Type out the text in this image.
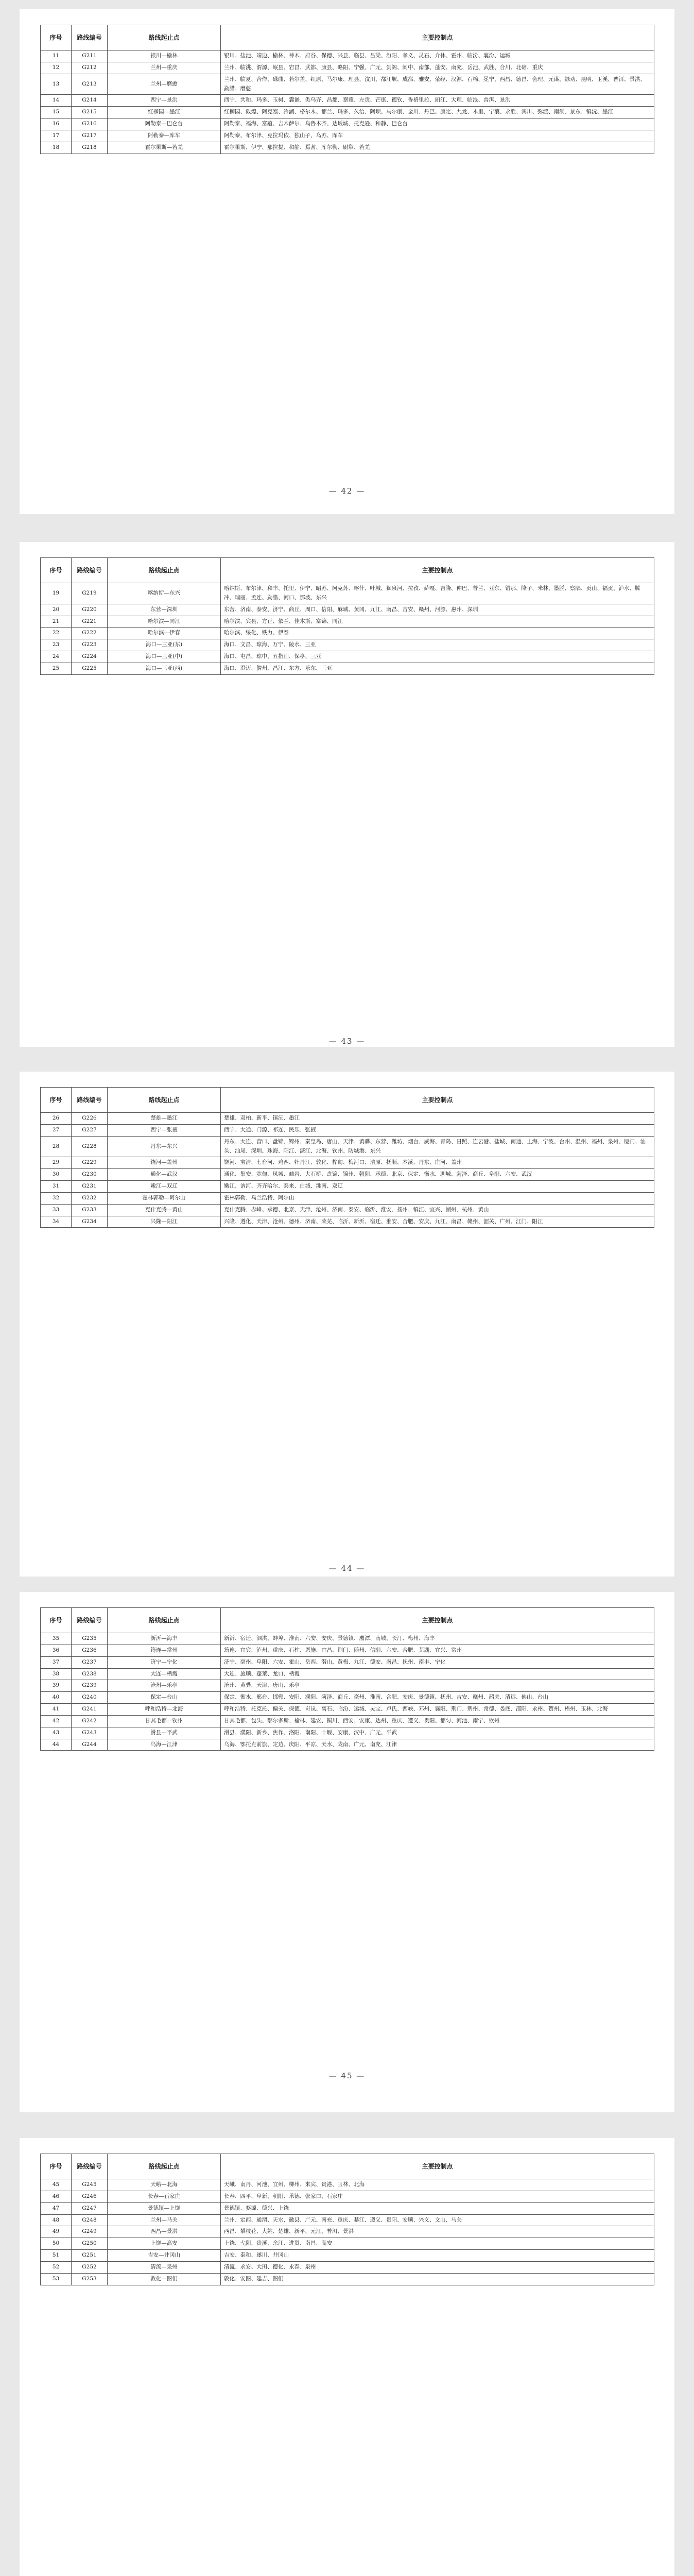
序号	路线编号	路线起止点	主要控制点
11	G211	银川—榆林	银川、盐池、靖边、榆林、神木、府谷、保德、兴县、临县、吕梁、汾阳、孝义、灵石、介休、霍州、临汾、襄汾、运城
12	G212	兰州—重庆	兰州、临洮、渭源、岷县、宕昌、武都、康县、略阳、宁强、广元、剑阁、阆中、南部、蓬安、南充、岳池、武胜、合川、北碚、重庆
13	G213	兰州—磨憨	兰州、临夏、合作、碌曲、若尔盖、红原、马尔康、理县、汶川、都江堰、成都、雅安、荥经、汉源、石棉、冕宁、西昌、德昌、会理、元谋、禄劝、昆明、玉溪、普洱、景洪、勐腊、磨憨
14	G214	西宁—景洪	西宁、共和、玛多、玉树、囊谦、类乌齐、昌都、察雅、左贡、芒康、德钦、香格里拉、丽江、大理、临沧、普洱、景洪
15	G215	红柳园—墨江	红柳园、敦煌、阿克塞、冷湖、格尔木、都兰、玛多、久治、阿坝、马尔康、金川、丹巴、康定、九龙、木里、宁蒗、永胜、宾川、弥渡、南涧、景东、镇沅、墨江
16	G216	阿勒泰—巴仑台	阿勒泰、福海、富蕴、吉木萨尔、乌鲁木齐、达坂城、托克逊、和静、巴仑台
17	G217	阿勒泰—库车	阿勒泰、布尔津、克拉玛依、独山子、乌苏、库车
18	G218	霍尔果斯—若羌	霍尔果斯、伊宁、那拉提、和静、焉耆、库尔勒、尉犁、若羌
— 42 —
序号	路线编号	路线起止点	主要控制点
19	G219	喀纳斯—东兴	喀纳斯、布尔津、和丰、托里、伊宁、昭苏、阿克苏、喀什、叶城、狮泉河、拉孜、萨嘎、吉隆、仲巴、普兰、亚东、错那、隆子、米林、墨脱、察隅、贡山、福贡、泸水、腾冲、瑞丽、孟连、勐腊、河口、那坡、东兴
20	G220	东营—深圳	东营、济南、泰安、济宁、商丘、周口、信阳、麻城、黄冈、九江、南昌、吉安、赣州、河源、惠州、深圳
21	G221	哈尔滨—同江	哈尔滨、宾县、方正、依兰、佳木斯、富锦、同江
22	G222	哈尔滨—伊春	哈尔滨、绥化、铁力、伊春
23	G223	海口—三亚(东)	海口、文昌、琼海、万宁、陵水、三亚
24	G224	海口—三亚(中)	海口、屯昌、琼中、五指山、保亭、三亚
25	G225	海口—三亚(西)	海口、澄迈、儋州、昌江、东方、乐东、三亚
— 43 —
序号	路线编号	路线起止点	主要控制点
26	G226	楚雄—墨江	楚雄、双柏、新平、镇沅、墨江
27	G227	西宁—张掖	西宁、大通、门源、祁连、民乐、张掖
28	G228	丹东—东兴	丹东、大连、营口、盘锦、锦州、秦皇岛、唐山、天津、黄骅、东营、潍坊、烟台、威海、青岛、日照、连云港、盐城、南通、上海、宁波、台州、温州、福州、泉州、厦门、汕头、汕尾、深圳、珠海、阳江、湛江、北海、钦州、防城港、东兴
29	G229	饶河—盖州	饶河、宝清、七台河、鸡西、牡丹江、敦化、桦甸、梅河口、清原、抚顺、本溪、丹东、庄河、盖州
30	G230	通化—武汉	通化、集安、宽甸、凤城、岫岩、大石桥、盘锦、锦州、朝阳、承德、北京、保定、衡水、聊城、菏泽、商丘、阜阳、六安、武汉
31	G231	嫩江—双辽	嫩江、讷河、齐齐哈尔、泰来、白城、洮南、双辽
32	G232	霍林郭勒—阿尔山	霍林郭勒、乌兰浩特、阿尔山
33	G233	克什克腾—黄山	克什克腾、赤峰、承德、北京、天津、沧州、济南、泰安、临沂、淮安、扬州、镇江、宜兴、湖州、杭州、黄山
34	G234	兴隆—阳江	兴隆、遵化、天津、沧州、德州、济南、莱芜、临沂、新沂、宿迁、淮安、合肥、安庆、九江、南昌、赣州、韶关、广州、江门、阳江
— 44 —
序号	路线编号	路线起止点	主要控制点
35	G235	新沂—海丰	新沂、宿迁、泗洪、蚌埠、淮南、六安、安庆、景德镇、鹰潭、南城、长汀、梅州、海丰
36	G236	筠连—常州	筠连、宜宾、泸州、重庆、石柱、恩施、宜昌、荆门、随州、信阳、六安、合肥、芜湖、宜兴、常州
37	G237	济宁—宁化	济宁、亳州、阜阳、六安、霍山、岳西、潜山、黄梅、九江、德安、南昌、抚州、南丰、宁化
38	G238	大连—栖霞	大连、旅顺、蓬莱、龙口、栖霞
39	G239	沧州—乐亭	沧州、黄骅、天津、唐山、乐亭
40	G240	保定—台山	保定、衡水、邢台、邯郸、安阳、濮阳、菏泽、商丘、亳州、淮南、合肥、安庆、景德镇、抚州、吉安、赣州、韶关、清远、佛山、台山
41	G241	呼和浩特—北海	呼和浩特、托克托、偏关、保德、岢岚、离石、临汾、运城、灵宝、卢氏、西峡、邓州、襄阳、荆门、荆州、常德、娄底、邵阳、永州、贺州、梧州、玉林、北海
42	G242	甘其毛都—钦州	甘其毛都、包头、鄂尔多斯、榆林、延安、铜川、西安、安康、达州、重庆、遵义、贵阳、都匀、河池、南宁、钦州
43	G243	滑县—平武	滑县、濮阳、新乡、焦作、洛阳、南阳、十堰、安康、汉中、广元、平武
44	G244	乌海—江津	乌海、鄂托克前旗、定边、庆阳、平凉、天水、陇南、广元、南充、江津
— 45 —
序号	路线编号	路线起止点	主要控制点
45	G245	天峨—北海	天峨、南丹、河池、宜州、柳州、来宾、贵港、玉林、北海
46	G246	长春—石家庄	长春、四平、阜新、朝阳、承德、张家口、石家庄
47	G247	景德镇—上饶	景德镇、婺源、德兴、上饶
48	G248	兰州—马关	兰州、定西、通渭、天水、徽县、广元、南充、重庆、綦江、遵义、贵阳、安顺、兴义、文山、马关
49	G249	西昌—景洪	西昌、攀枝花、大姚、楚雄、新平、元江、普洱、景洪
50	G250	上饶—高安	上饶、弋阳、贵溪、余江、进贤、南昌、高安
51	G251	吉安—井冈山	吉安、泰和、遂川、井冈山
52	G252	清流—泉州	清流、永安、大田、德化、永春、泉州
53	G253	敦化—图们	敦化、安图、延吉、图们
